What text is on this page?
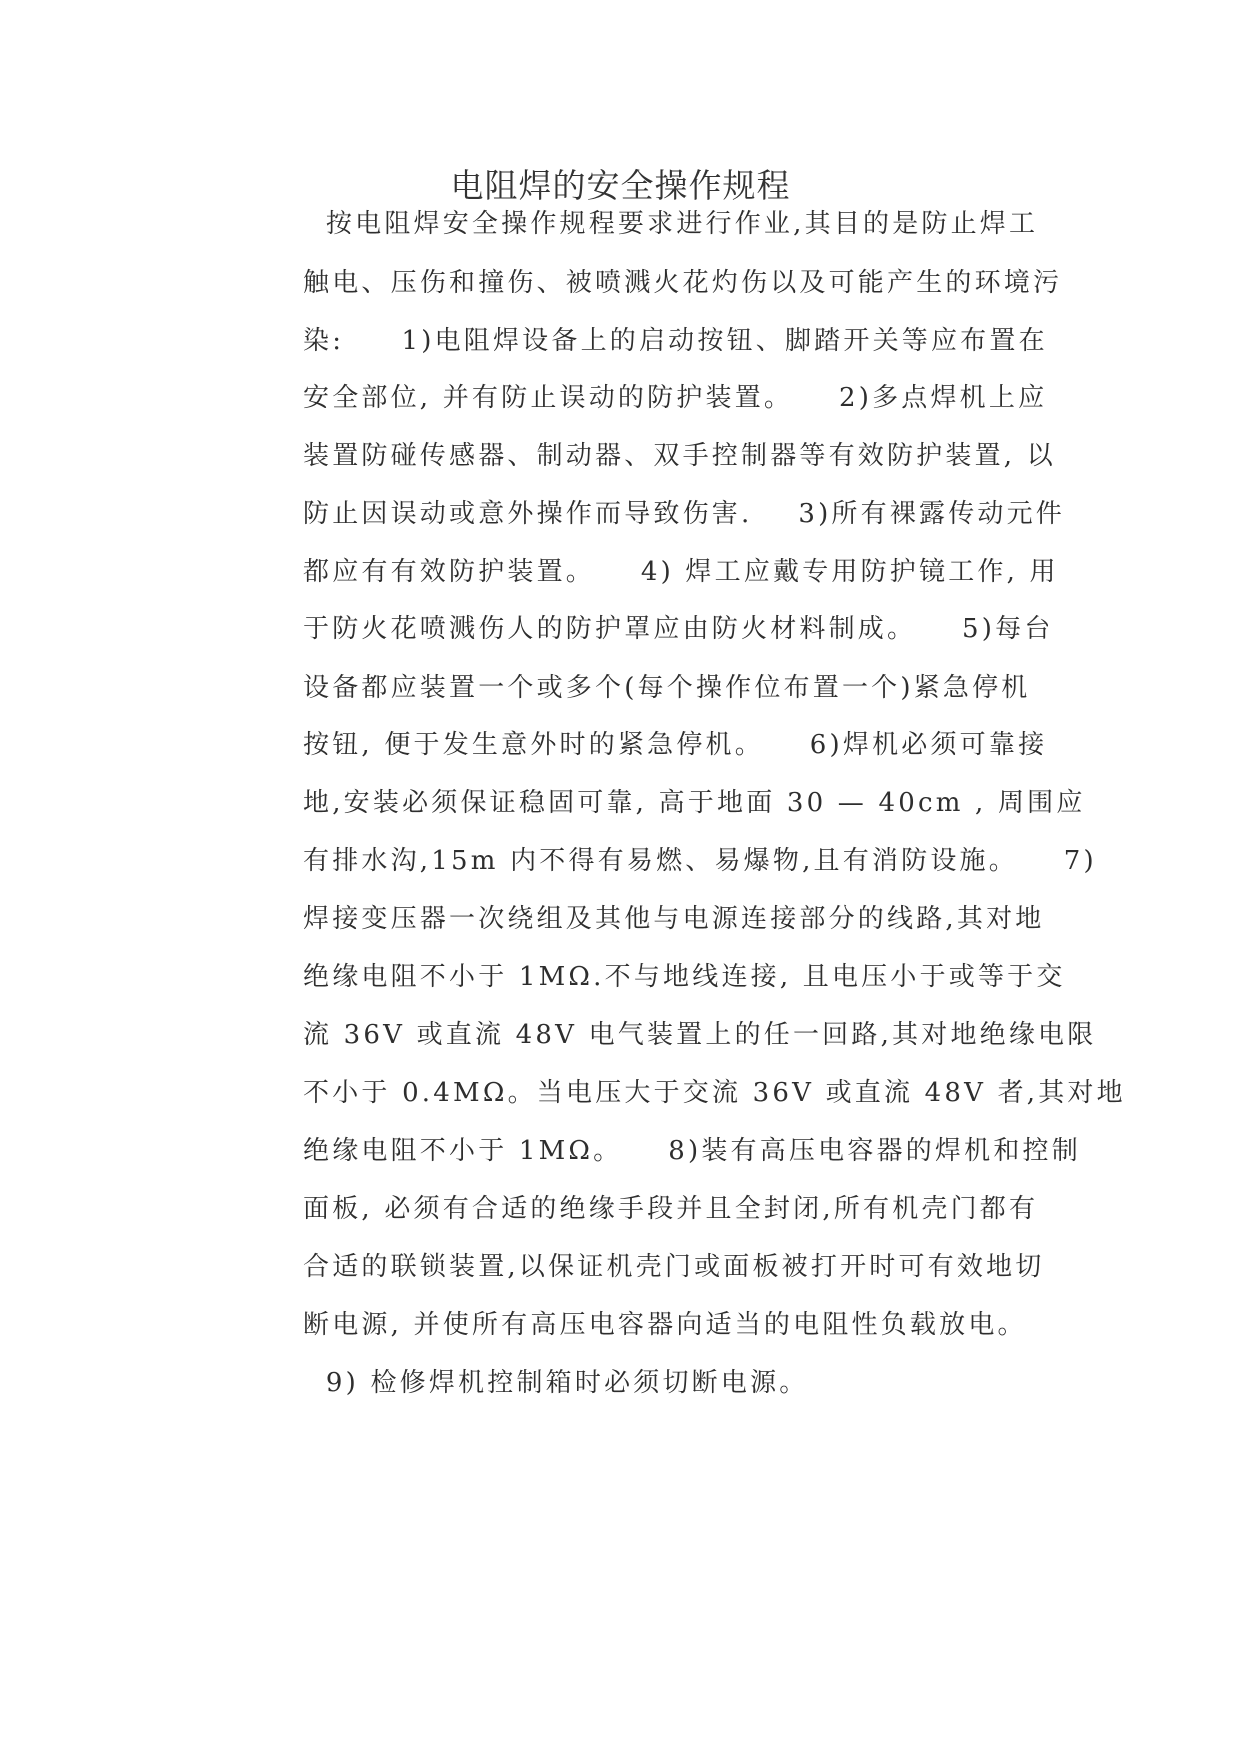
电阻焊的安全操作规程
按电阻焊安全操作规程要求进行作业,其目的是防止焊工
触电、压伤和撞伤、被喷溅火花灼伤以及可能产生的环境污
染:     1)电阻焊设备上的启动按钮、脚踏开关等应布置在
安全部位, 并有防止误动的防护装置。    2)多点焊机上应
装置防碰传感器、制动器、双手控制器等有效防护装置, 以
防止因误动或意外操作而导致伤害.    3)所有裸露传动元件
都应有有效防护装置。    4) 焊工应戴专用防护镜工作, 用
于防火花喷溅伤人的防护罩应由防火材料制成。    5)每台
设备都应装置一个或多个(每个操作位布置一个)紧急停机
按钮, 便于发生意外时的紧急停机。    6)焊机必须可靠接
地,安装必须保证稳固可靠, 高于地面 30 — 40cm , 周围应
有排水沟,15m 内不得有易燃、易爆物,且有消防设施。    7)
焊接变压器一次绕组及其他与电源连接部分的线路,其对地
绝缘电阻不小于 1MΩ.不与地线连接, 且电压小于或等于交
流 36V 或直流 48V 电气装置上的任一回路,其对地绝缘电限
不小于 0.4MΩ。当电压大于交流 36V 或直流 48V 者,其对地
绝缘电阻不小于 1MΩ。    8)装有高压电容器的焊机和控制
面板, 必须有合适的绝缘手段并且全封闭,所有机壳门都有
合适的联锁装置,以保证机壳门或面板被打开时可有效地切
断电源, 并使所有高压电容器向适当的电阻性负载放电。
9) 检修焊机控制箱时必须切断电源。
